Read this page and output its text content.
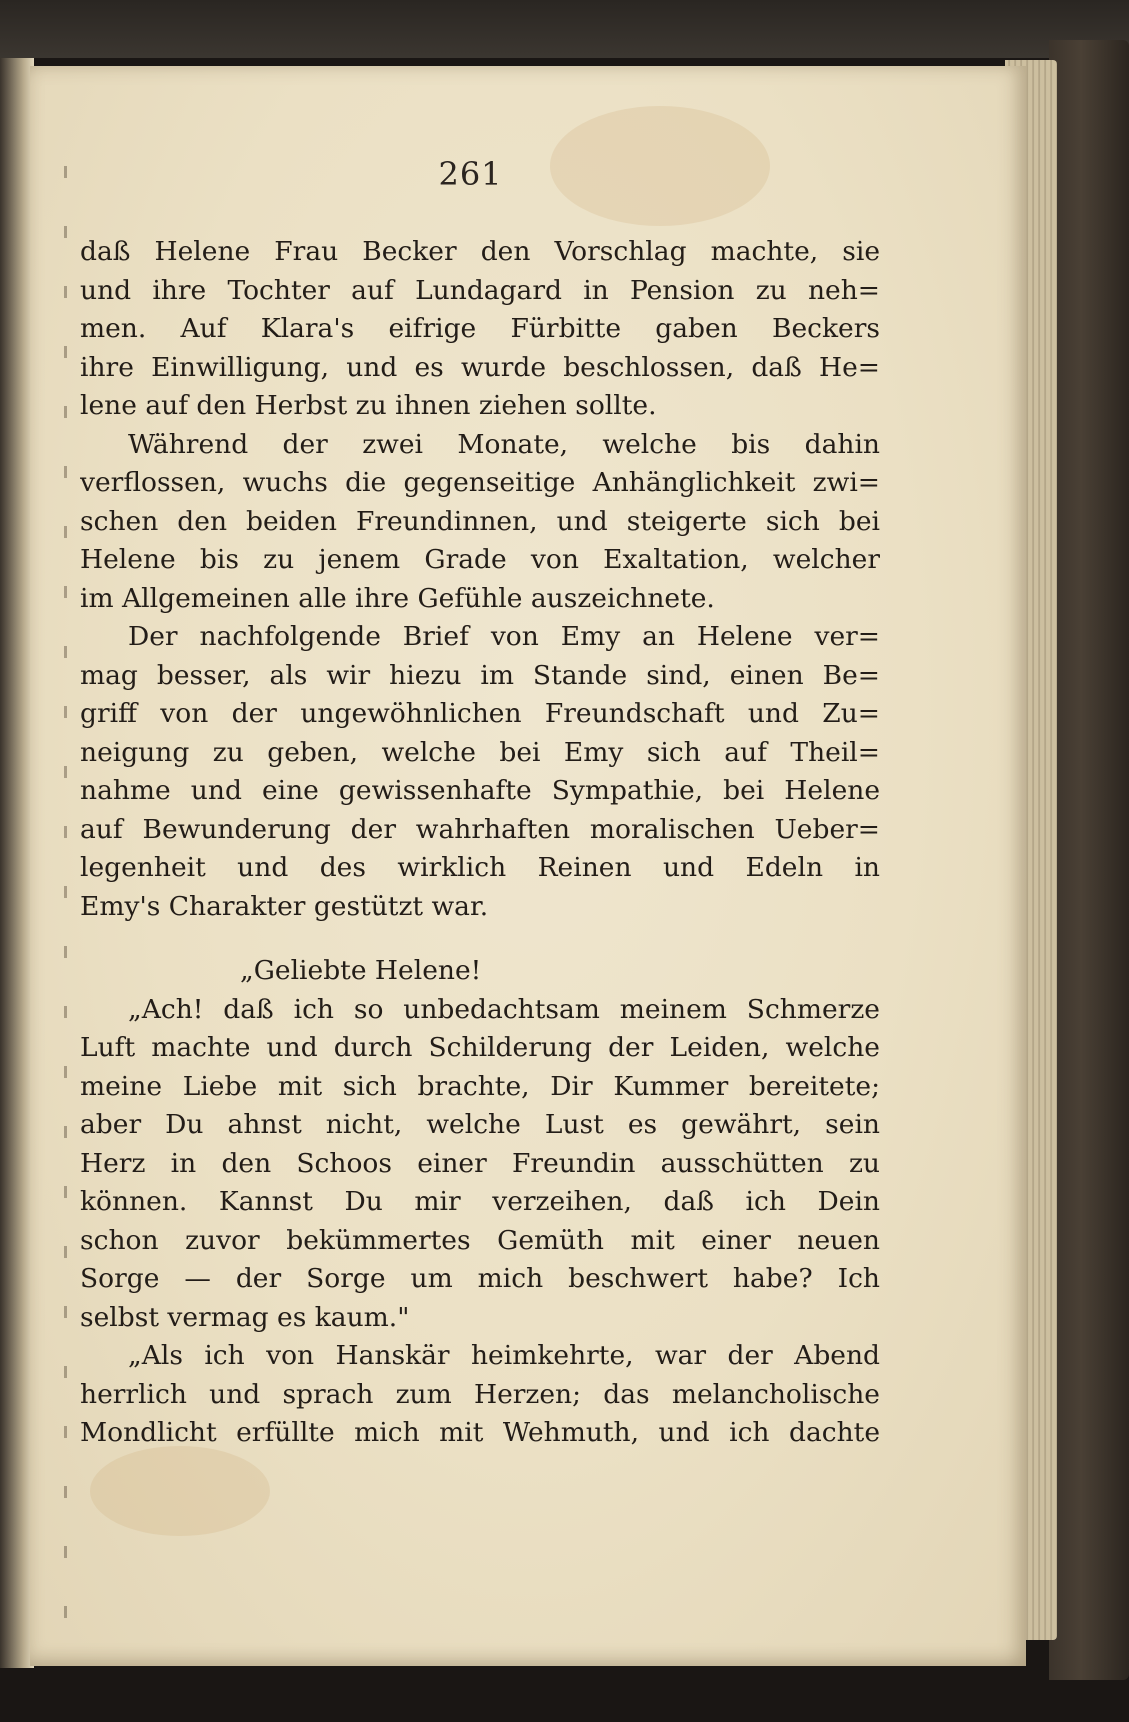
261
daß Helene Frau Becker den Vorschlag machte, sie
und ihre Tochter auf Lundagard in Pension zu neh=
men. Auf Klara's eifrige Fürbitte gaben Beckers
ihre Einwilligung, und es wurde beschlossen, daß He=
lene auf den Herbst zu ihnen ziehen sollte.
Während der zwei Monate, welche bis dahin
verflossen, wuchs die gegenseitige Anhänglichkeit zwi=
schen den beiden Freundinnen, und steigerte sich bei
Helene bis zu jenem Grade von Exaltation, welcher
im Allgemeinen alle ihre Gefühle auszeichnete.
Der nachfolgende Brief von Emy an Helene ver=
mag besser, als wir hiezu im Stande sind, einen Be=
griff von der ungewöhnlichen Freundschaft und Zu=
neigung zu geben, welche bei Emy sich auf Theil=
nahme und eine gewissenhafte Sympathie, bei Helene
auf Bewunderung der wahrhaften moralischen Ueber=
legenheit und des wirklich Reinen und Edeln in
Emy's Charakter gestützt war.
„Geliebte Helene!
„Ach! daß ich so unbedachtsam meinem Schmerze
Luft machte und durch Schilderung der Leiden, welche
meine Liebe mit sich brachte, Dir Kummer bereitete;
aber Du ahnst nicht, welche Lust es gewährt, sein
Herz in den Schoos einer Freundin ausschütten zu
können. Kannst Du mir verzeihen, daß ich Dein
schon zuvor bekümmertes Gemüth mit einer neuen
Sorge — der Sorge um mich beschwert habe? Ich
selbst vermag es kaum."
„Als ich von Hanskär heimkehrte, war der Abend
herrlich und sprach zum Herzen; das melancholische
Mondlicht erfüllte mich mit Wehmuth, und ich dachte
